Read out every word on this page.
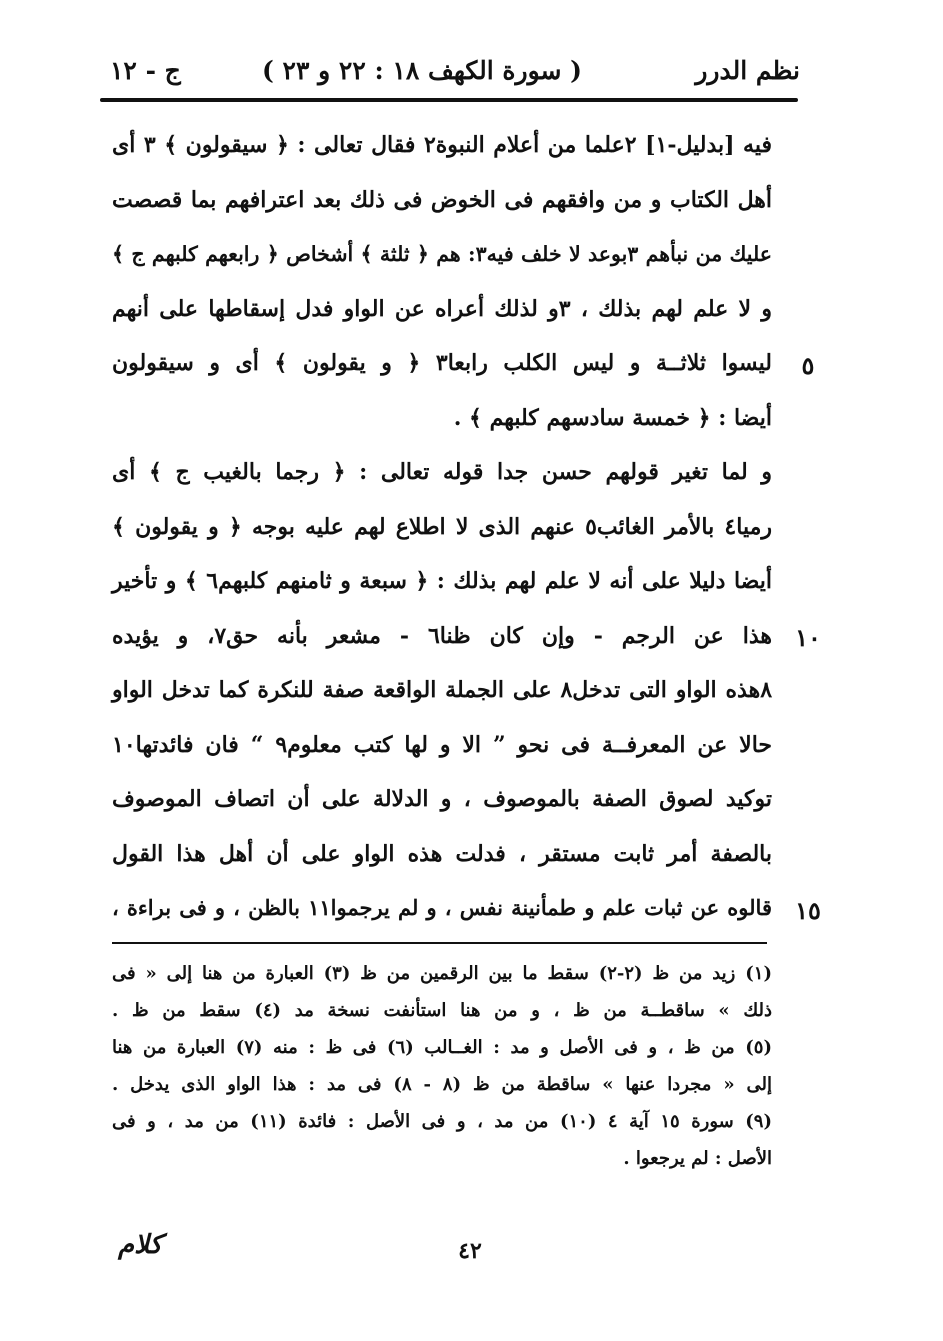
نظم الدرر
( سورة الكهف ١٨ : ٢٢ و ٢٣ )
ج - ١٢
فيه [بدليل-١] ٢علما من أعلام النبوة٢ فقال تعالى : ﴿ سيقولون ﴾ ٣ أى
أهل الكتاب و من وافقهم فى الخوض فى ذلك بعد اعترافهم بما قصصت
عليك من نبأهم ٣بوعد لا خلف فيه٣: هم ﴿ ثلثة ﴾ أشخاص ﴿ رابعهم كلبهم ج ﴾
و لا علم لهم بذلك ، ٣و لذلك أعراه عن الواو فدل إسقاطها على أنهم
ليسوا ثلاثــة و ليس الكلب رابعا٣ ﴿ و يقولون ﴾ أى و سيقولون
أيضا : ﴿ خمسة سادسهم كلبهم ﴾ .
و لما تغير قولهم حسن جدا قوله تعالى : ﴿ رجما بالغيب ج ﴾ أى
رميا٤ بالأمر الغائب٥ عنهم الذى لا اطلاع لهم عليه بوجه ﴿ و يقولون ﴾
أيضا دليلا على أنه لا علم لهم بذلك : ﴿ سبعة و ثامنهم كلبهم٦ ﴾ و تأخير
هذا عن الرجم - وإن كان ظنا٦ - مشعر بأنه حق٧، و يؤيده
٨هذه الواو التى تدخل٨ على الجملة الواقعة صفة للنكرة كما تدخل الواو
حالا عن المعرفــة فى نحو ” الا و لها كتب معلوم٩ “ فان فائدتها١٠
توكيد لصوق الصفة بالموصوف ، و الدلالة على أن اتصاف الموصوف
بالصفة أمر ثابت مستقر ، فدلت هذه الواو على أن أهل هذا القول
قالوه عن ثبات علم و طمأنينة نفس ، و لم يرجموا١١ بالظن ، و فى براءة ،
٥
١٠
١٥
(١) زيد من ظ (٢-٢) سقط ما بين الرقمين من ظ (٣) العبارة من هنا إلى « فى
ذلك » ساقطــة من ظ ، و من هنا استأنفت نسخة مد (٤) سقط من ظ .
(٥) من ظ ، و فى الأصل و مد : الغــالب (٦) فى ظ : منه (٧) العبارة من هنا
إلى « مجردا عنها » ساقطة من ظ (٨ - ٨) فى مد : هذا الواو الذى يدخل .
(٩) سورة ١٥ آية ٤ (١٠) من مد ، و فى الأصل : فائدة (١١) من مد ، و فى
الأصل : لم يرجعوا .
٤٢
كلام
